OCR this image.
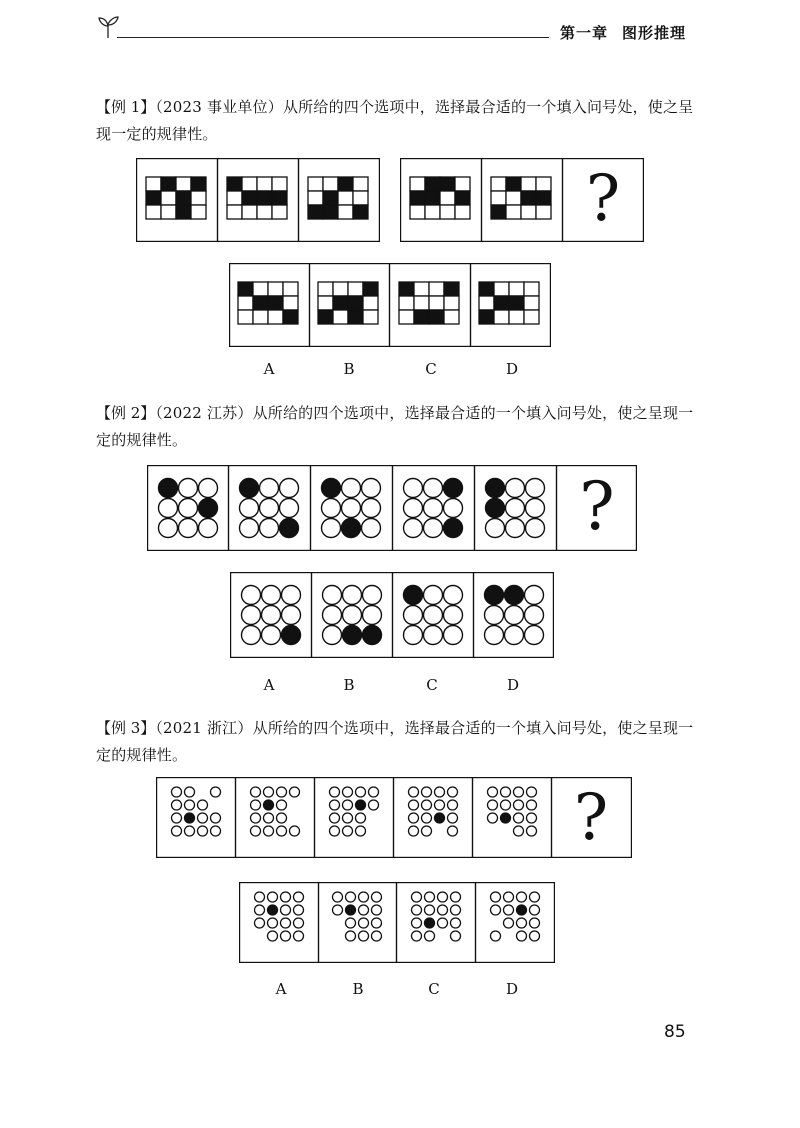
第一章 图形推理
【例 1】（2023 事业单位）从所给的四个选项中，选择最合适的一个填入问号处，使之呈现一定的规律性。
?
A	B	C	D
【例 2】（2022 江苏）从所给的四个选项中，选择最合适的一个填入问号处，使之呈现一定的规律性。
?
A	B	C	D
【例 3】（2021 浙江）从所给的四个选项中，选择最合适的一个填入问号处，使之呈现一定的规律性。
?
A	B	C	D
85
